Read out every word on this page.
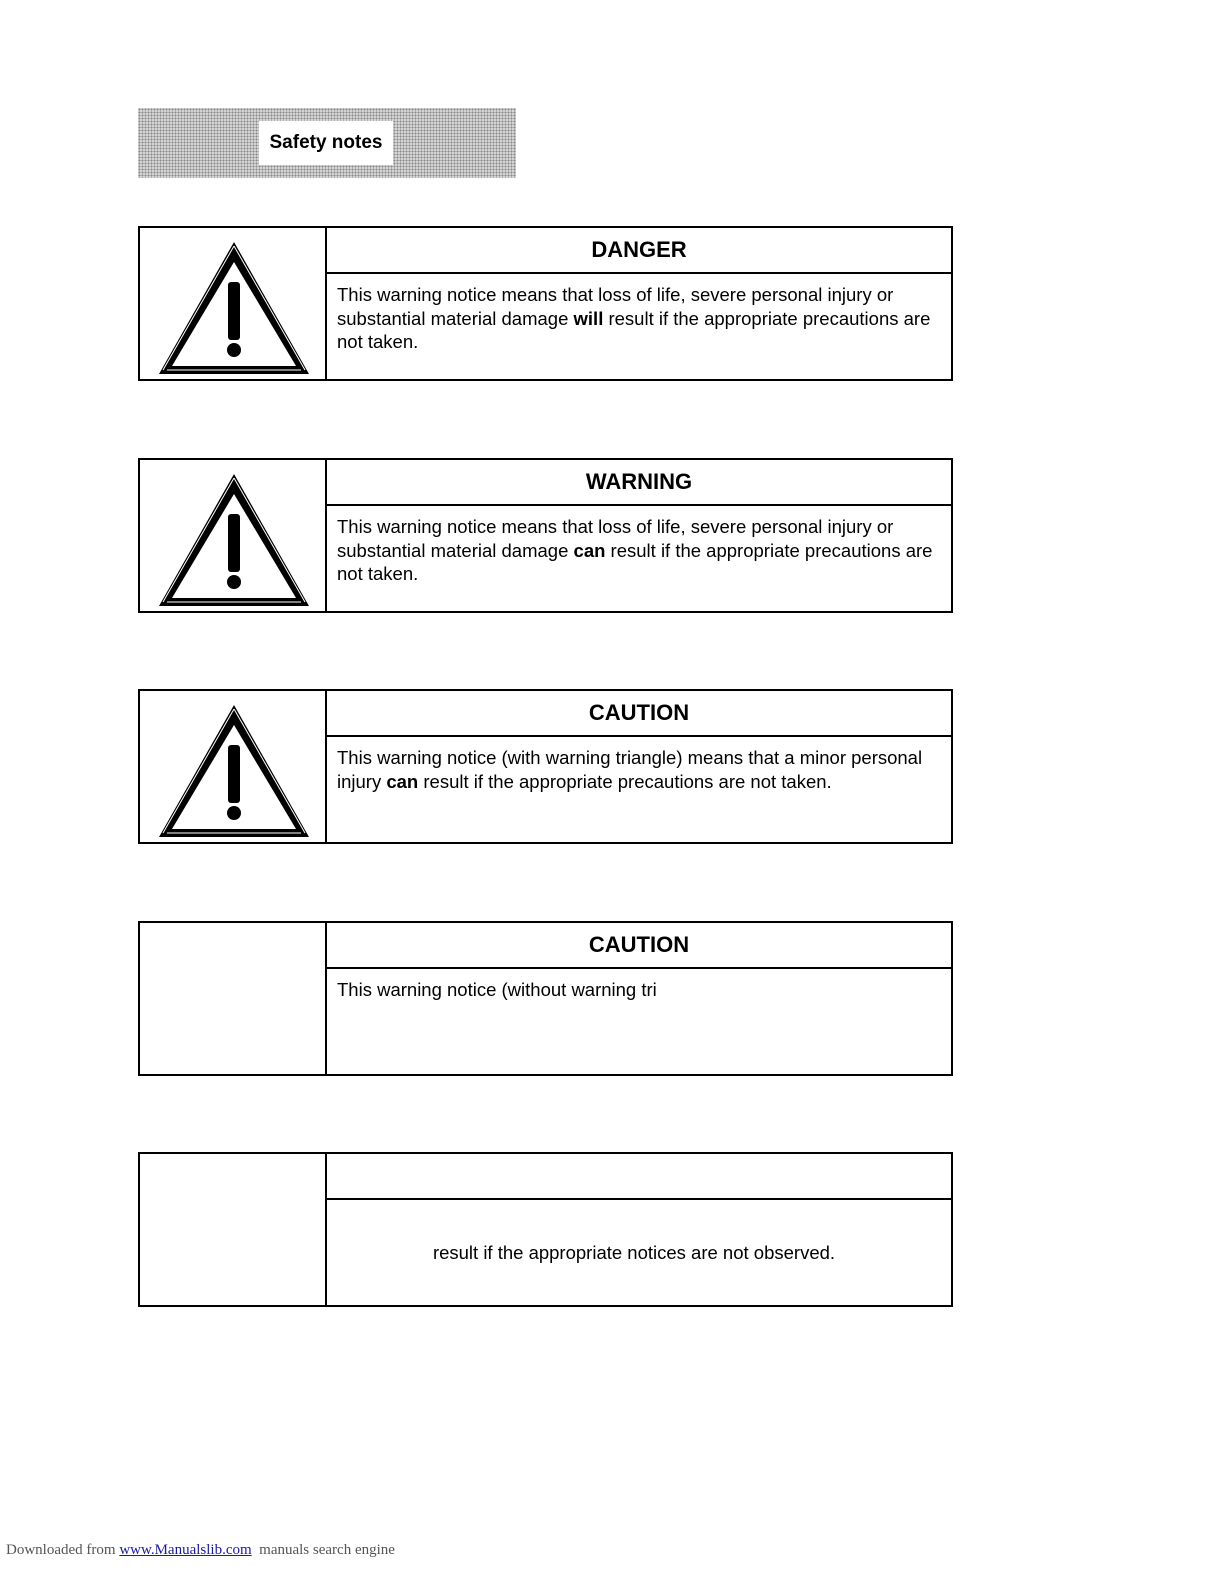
Safety notes
DANGER
This warning notice means that loss of life, severe personal injury or substantial material damage will result if the appropriate precautions are not taken.
WARNING
This warning notice means that loss of life, severe personal injury or substantial material damage can result if the appropriate precautions are not taken.
CAUTION
This warning notice (with warning triangle) means that a minor personal injury can result if the appropriate precautions are not taken.
CAUTION
This warning notice (without warning tri
result if the appropriate notices are not observed.
Downloaded from www.Manualslib.com  manuals search engine
